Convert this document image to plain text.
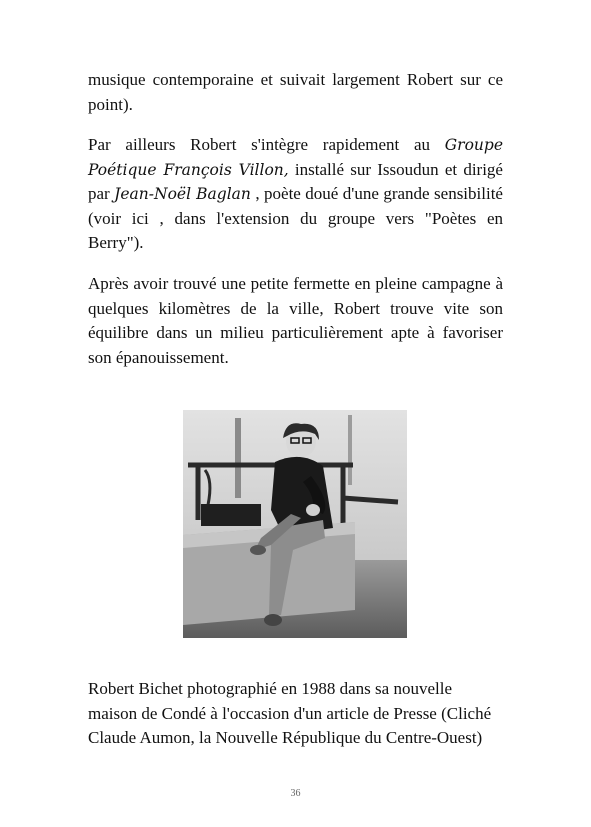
musique contemporaine et suivait largement Robert sur ce point).

Par ailleurs Robert s'intègre rapidement au Groupe Poétique François Villon, installé sur Issoudun et dirigé par Jean-Noël Baglan , poète doué d'une grande sensibilité (voir ici , dans l'extension du groupe vers "Poètes en Berry").

Après avoir trouvé une petite fermette en pleine campagne à quelques kilomètres de la ville, Robert trouve vite son équilibre dans un milieu particulièrement apte à favoriser son épanouissement.

Robert Bichet photographié en 1988 dans sa nouvelle maison de Condé à l'occasion d'un article de Presse (Cliché Claude Aumon, la Nouvelle République du Centre-Ouest)

36
